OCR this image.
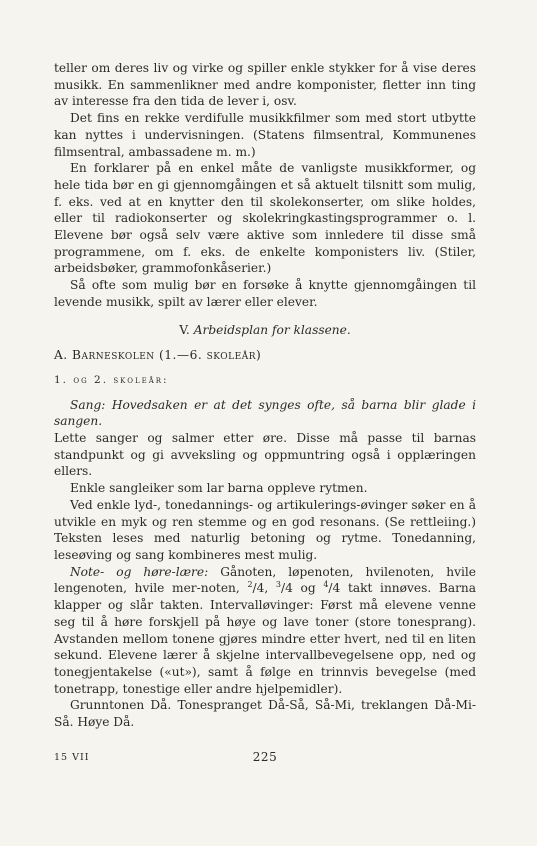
teller om deres liv og virke og spiller enkle stykker for å vise deres musikk. En sammenlikner med andre komponister, fletter inn ting av interesse fra den tida de lever i, osv.

Det fins en rekke verdifulle musikkfilmer som med stort utbytte kan nyttes i undervisningen. (Statens filmsentral, Kommunenes filmsentral, ambassadene m. m.)

En forklarer på en enkel måte de vanligste musikkformer, og hele tida bør en gi gjennomgåingen et så aktuelt tilsnitt som mulig, f. eks. ved at en knytter den til skolekonserter, om slike holdes, eller til radiokonserter og skolekringkastingsprogrammer o. l. Elevene bør også selv være aktive som innledere til disse små programmene, om f. eks. de enkelte komponisters liv. (Stiler, arbeidsbøker, grammofonkåserier.)

Så ofte som mulig bør en forsøke å knytte gjennomgåingen til levende musikk, spilt av lærer eller elever.

V. Arbeidsplan for klassene.

A. Barneskolen (1.—6. skoleår)

1. og 2. skoleår:

Sang: Hovedsaken er at det synges ofte, så barna blir glade i sangen.

Lette sanger og salmer etter øre. Disse må passe til barnas standpunkt og gi avveksling og oppmuntring også i opplæringen ellers.

Enkle sangleiker som lar barna oppleve rytmen.

Ved enkle lyd-, tonedannings- og artikulerings-øvinger søker en å utvikle en myk og ren stemme og en god resonans. (Se rettleiing.) Teksten leses med naturlig betoning og rytme. Tonedanning, leseøving og sang kombineres mest mulig.

Note- og høre-lære: Gånoten, løpenoten, hvilenoten, hvile lengenoten, hvile mer-noten, $^2$/4, $^3$/4 og $^4$/4 takt innøves. Barna klapper og slår takten. Intervalløvinger: Først må elevene venne seg til å høre forskjell på høye og lave toner (store tonesprang). Avstanden mellom tonene gjøres mindre etter hvert, ned til en liten sekund. Elevene lærer å skjelne intervallbevegelsene opp, ned og tonegjentakelse («ut»), samt å følge en trinnvis bevegelse (med tonetrapp, tonestige eller andre hjelpemidler).

Grunntonen Då. Tonespranget Då-Så, Så-Mi, treklangen Då-Mi-Så. Høye Då.

15 VII	225
